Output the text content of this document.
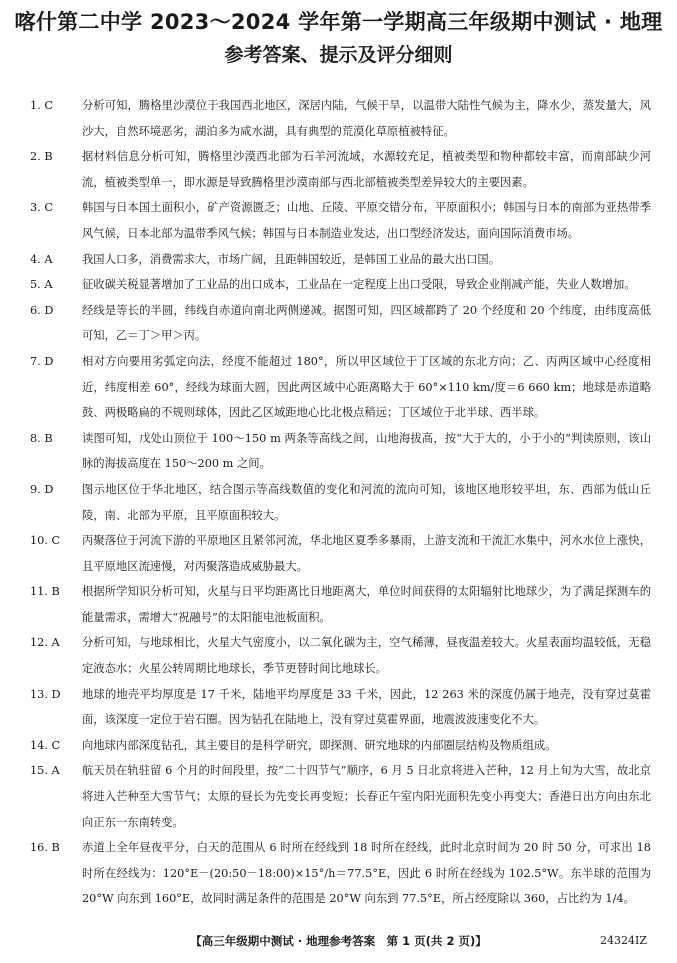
喀什第二中学 2023～2024 学年第一学期高三年级期中测试 · 地理
参考答案、提示及评分细则
1. C	分析可知，腾格里沙漠位于我国西北地区，深居内陆，气候干旱，以温带大陆性气候为主，降水少，蒸发量大，风沙大，自然环境恶劣，湖泊多为咸水湖，具有典型的荒漠化草原植被特征。
2. B	据材料信息分析可知，腾格里沙漠西北部为石羊河流域，水源较充足，植被类型和物种都较丰富，而南部缺少河流，植被类型单一，即水源是导致腾格里沙漠南部与西北部植被类型差异较大的主要因素。
3. C	韩国与日本国土面积小，矿产资源匮乏；山地、丘陵、平原交错分布，平原面积小；韩国与日本的南部为亚热带季风气候，日本北部为温带季风气候；韩国与日本制造业发达，出口型经济发达，面向国际消费市场。
4. A	我国人口多，消费需求大，市场广阔，且距韩国较近，是韩国工业品的最大出口国。
5. A	征收碳关税显著增加了工业品的出口成本，工业品在一定程度上出口受限，导致企业削减产能，失业人数增加。
6. D	经线是等长的半圆，纬线自赤道向南北两侧递减。据图可知，四区域都跨了 20 个经度和 20 个纬度，由纬度高低可知，乙＝丁＞甲＞丙。
7. D	相对方向要用劣弧定向法，经度不能超过 180°，所以甲区域位于丁区域的东北方向；乙、丙两区域中心经度相近，纬度相差 60°，经线为球面大圆，因此两区域中心距离略大于 60°×110 km/度＝6 660 km；地球是赤道略鼓、两极略扁的不规则球体，因此乙区域距地心比北极点稍远；丁区域位于北半球、西半球。
8. B	读图可知，戊处山顶位于 100～150 m 两条等高线之间，山地海拔高，按“大于大的，小于小的”判读原则，该山脉的海拔高度在 150～200 m 之间。
9. D	图示地区位于华北地区，结合图示等高线数值的变化和河流的流向可知，该地区地形较平坦，东、西部为低山丘陵，南、北部为平原，且平原面积较大。
10. C 丙聚落位于河流下游的平原地区且紧邻河流，华北地区夏季多暴雨，上游支流和干流汇水集中，河水水位上涨快，且平原地区流速慢，对丙聚落造成威胁最大。
11. B 根据所学知识分析可知，火星与日平均距离比日地距离大，单位时间获得的太阳辐射比地球少，为了满足探测车的能量需求，需增大“祝融号”的太阳能电池板面积。
12. A 分析可知，与地球相比，火星大气密度小，以二氧化碳为主，空气稀薄，昼夜温差较大。火星表面均温较低，无稳定液态水；火星公转周期比地球长，季节更替时间比地球长。
13. D 地球的地壳平均厚度是 17 千米，陆地平均厚度是 33 千米，因此，12 263 米的深度仍属于地壳，没有穿过莫霍面，该深度一定位于岩石圈。因为钻孔在陆地上，没有穿过莫霍界面，地震波波速变化不大。
14. C 向地球内部深度钻孔，其主要目的是科学研究，即探测、研究地球的内部圈层结构及物质组成。
15. A 航天员在轨驻留 6 个月的时间段里，按“二十四节气”顺序，6 月 5 日北京将进入芒种，12 月上旬为大雪，故北京将进入芒种至大雪节气；太原的昼长为先变长再变短；长春正午室内阳光面积先变小再变大；香港日出方向由东北向正东一东南转变。
16. B 赤道上全年昼夜平分，白天的范围从 6 时所在经线到 18 时所在经线，此时北京时间为 20 时 50 分，可求出 18 时所在经线为：120°E－(20:50－18:00)×15°/h＝77.5°E，因此 6 时所在经线为 102.5°W。东半球的范围为 20°W 向东到 160°E，故同时满足条件的范围是 20°W 向东到 77.5°E，所占经度除以 360，占比约为 1/4。
【高三年级期中测试 · 地理参考答案　第 1 页(共 2 页)】	24324IZ
